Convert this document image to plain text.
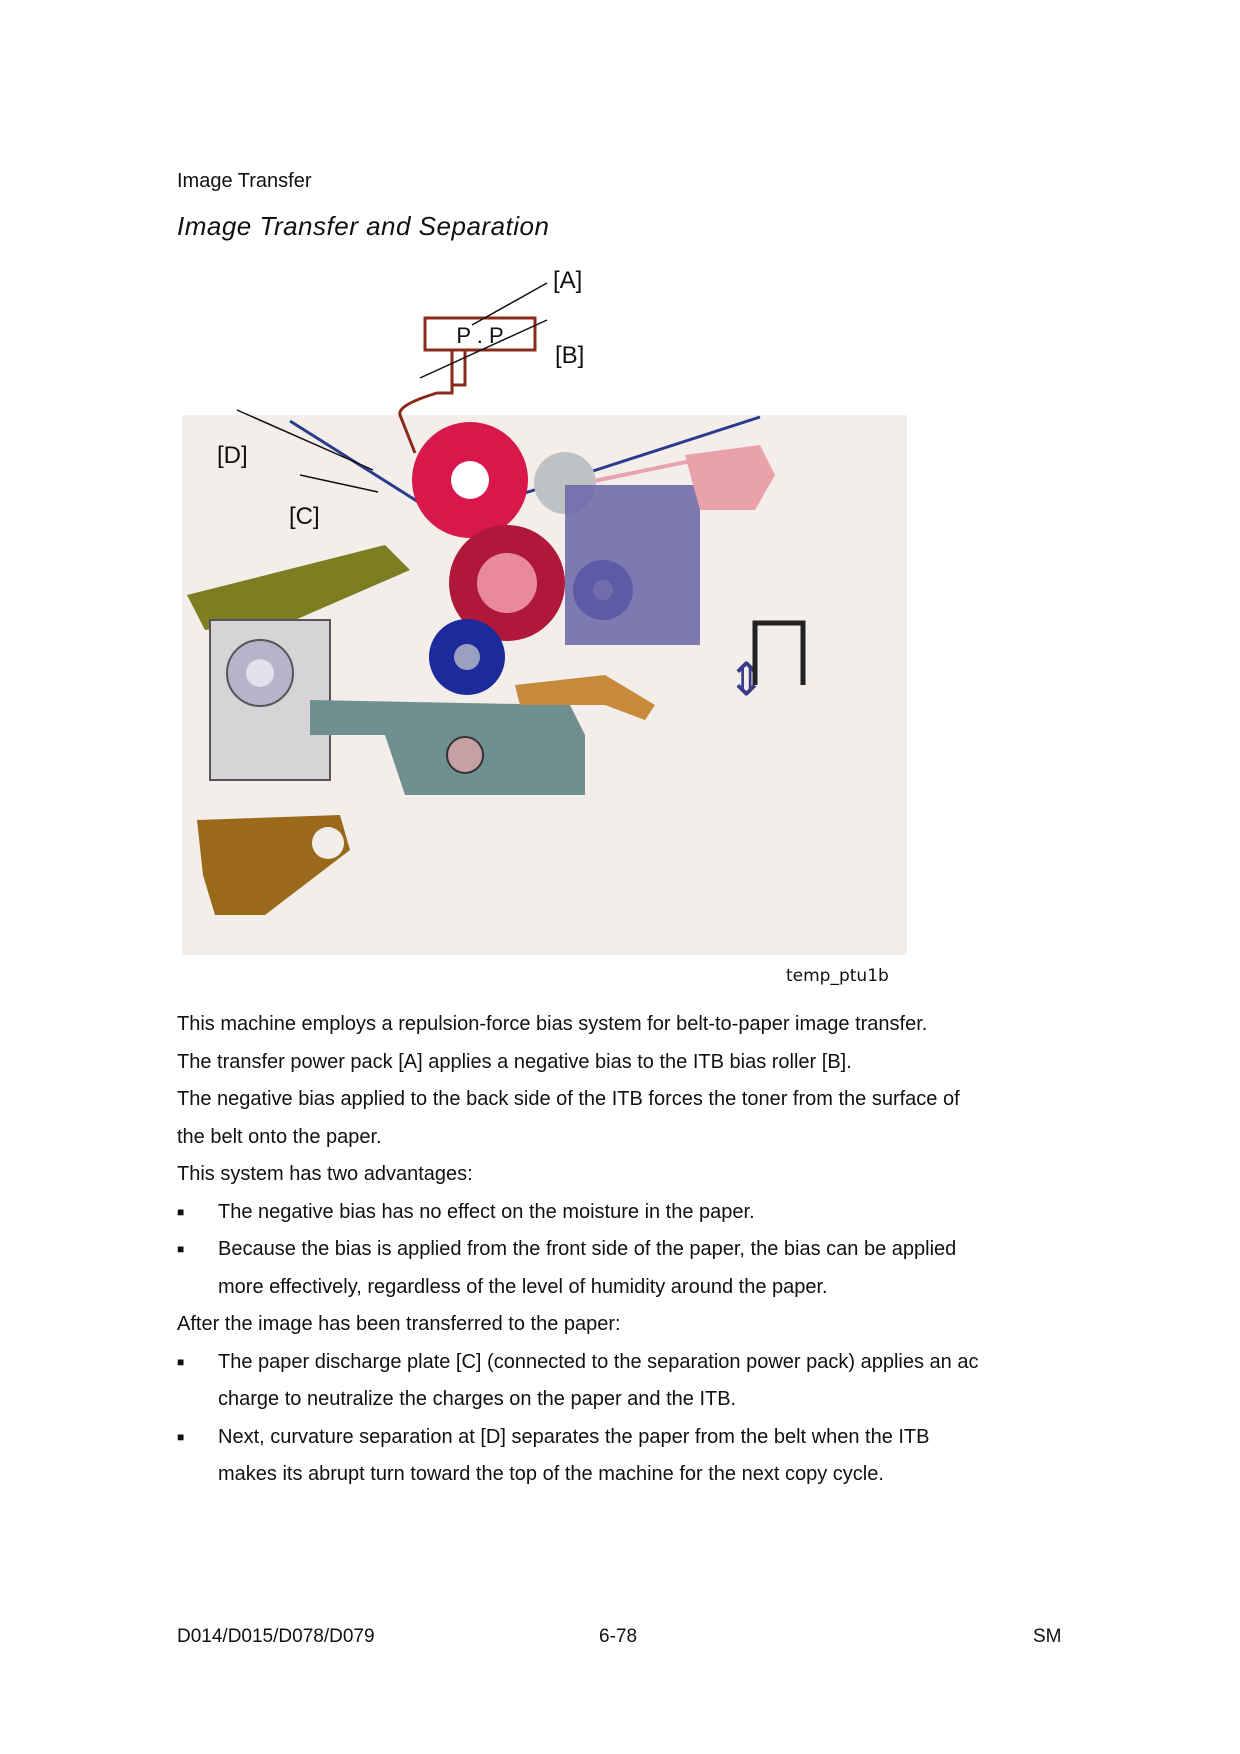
Image Transfer
Image Transfer and Separation
P . P
⇕
[A]
[B]
[D]
[C]
temp_ptu1b
This machine employs a repulsion-force bias system for belt-to-paper image transfer.
The transfer power pack [A] applies a negative bias to the ITB bias roller [B].
The negative bias applied to the back side of the ITB forces the toner from the surface of
the belt onto the paper.
This system has two advantages:
■ The negative bias has no effect on the moisture in the paper.
■ Because the bias is applied from the front side of the paper, the bias can be applied
more effectively, regardless of the level of humidity around the paper.
After the image has been transferred to the paper:
■ The paper discharge plate [C] (connected to the separation power pack) applies an ac
charge to neutralize the charges on the paper and the ITB.
■ Next, curvature separation at [D] separates the paper from the belt when the ITB
makes its abrupt turn toward the top of the machine for the next copy cycle.
D014/D015/D078/D079	6-78	SM
